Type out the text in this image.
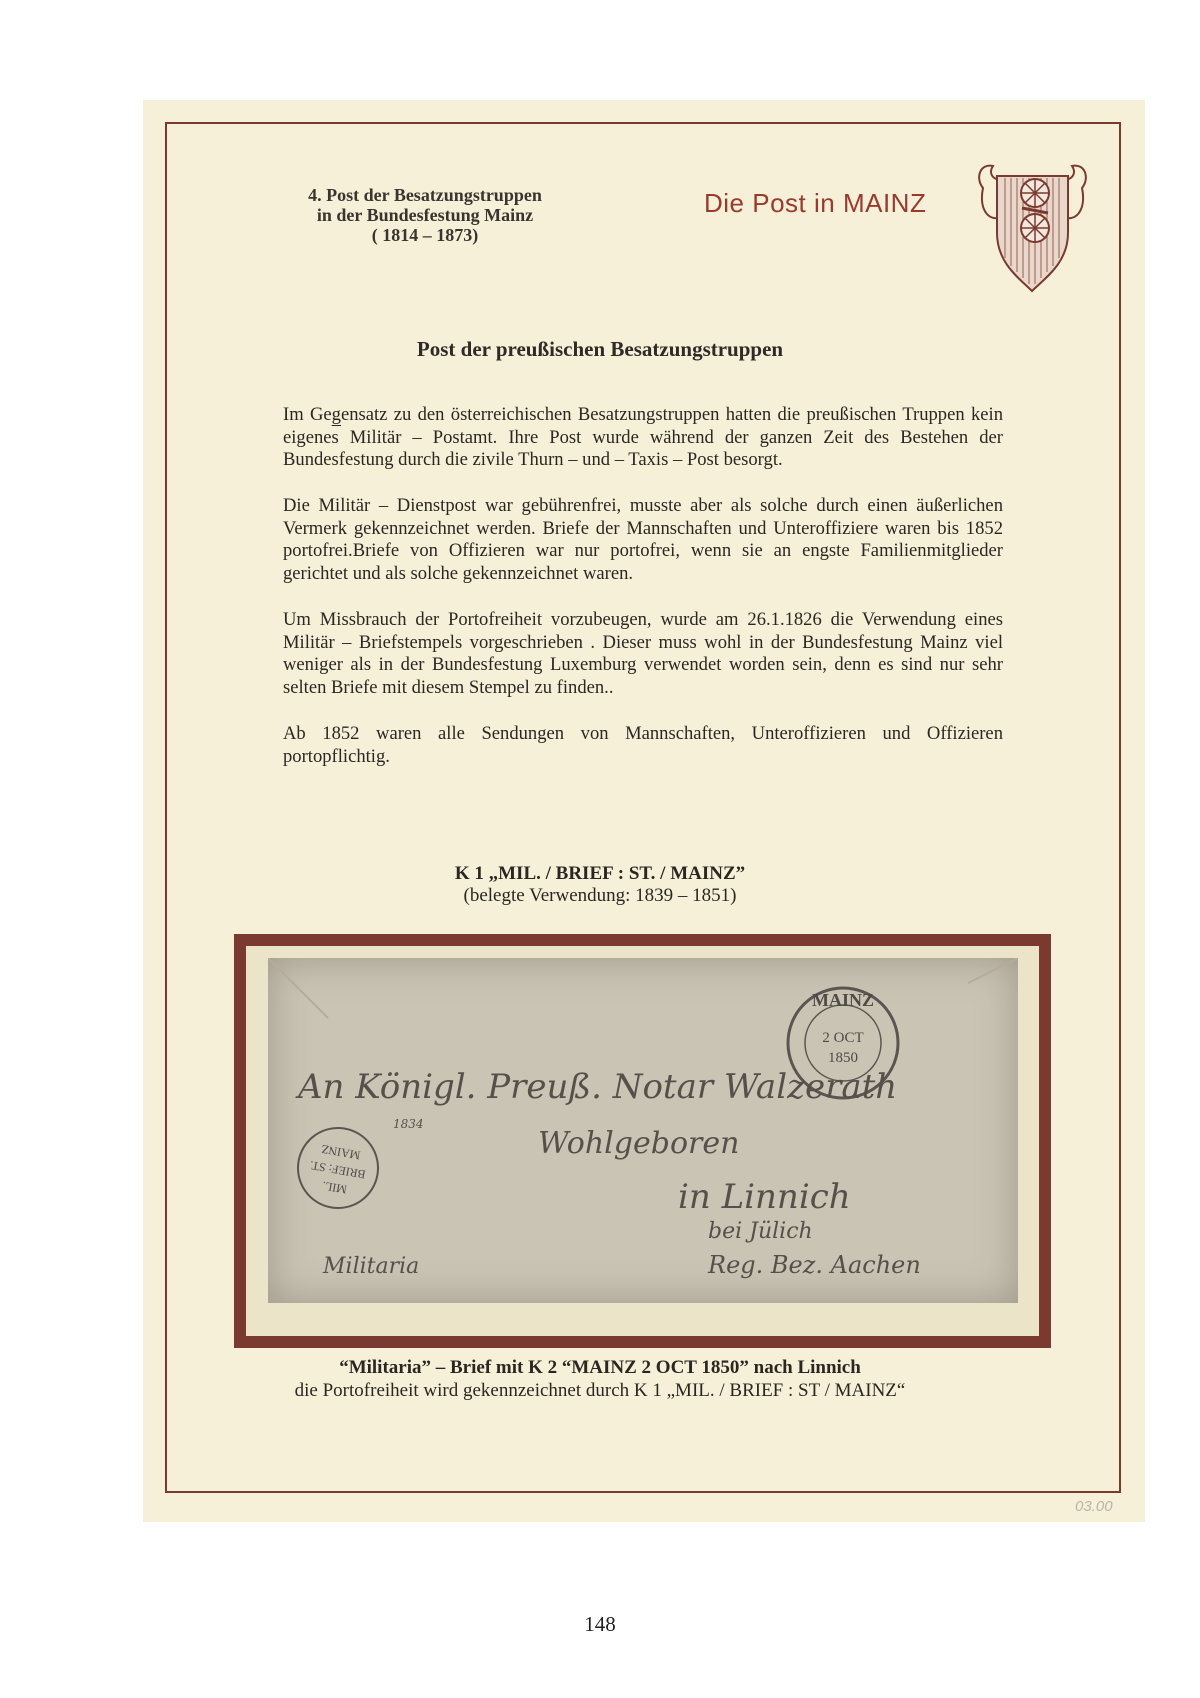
4. Post der Besatzungstruppen
in der Bundesfestung Mainz
( 1814 – 1873)
Die Post in MAINZ
Post der preußischen Besatzungstruppen

Im Geg̲ensatz zu den österreichischen Besatzungstruppen hatten die preußischen Truppen kein eigenes Militär – Postamt. Ihre Post wurde während der ganzen Zeit des Bestehen der Bundesfestung durch die zivile Thurn – und – Taxis – Post besorgt.

Die Militär – Dienstpost war gebührenfrei, musste aber als solche durch einen äußerlichen Vermerk gekennzeichnet werden. Briefe der Mannschaften und Unteroffiziere waren bis 1852 portofrei.Briefe von Offizieren war nur portofrei, wenn sie an engste Familienmitglieder gerichtet und als solche gekennzeichnet waren.

Um Missbrauch der Portofreiheit vorzubeugen, wurde am 26.1.1826 die Verwendung eines Militär – Briefstempels vorgeschrieben . Dieser muss wohl in der Bundesfestung Mainz viel weniger als in der Bundesfestung Luxemburg verwendet worden sein, denn es sind nur sehr selten Briefe mit diesem Stempel zu finden..

Ab 1852 waren alle Sendungen von Mannschaften, Unteroffizieren und Offizieren portopflichtig.

K 1 „MIL. / BRIEF : ST. / MAINZ”
(belegte Verwendung: 1839 – 1851)
MAINZ
2 OCT
1850
MIL.
BRIEF: ST.
MAINZ
An Königl. Preuß. Notar Walzerath
Wohlgeboren
in Linnich
bei Jülich
Reg. Bez. Aachen
Militaria
1834
“Militaria” – Brief mit K 2 “MAINZ 2 OCT 1850” nach Linnich
die Portofreiheit wird gekennzeichnet durch K 1 „MIL. / BRIEF : ST / MAINZ“
03.00
148
